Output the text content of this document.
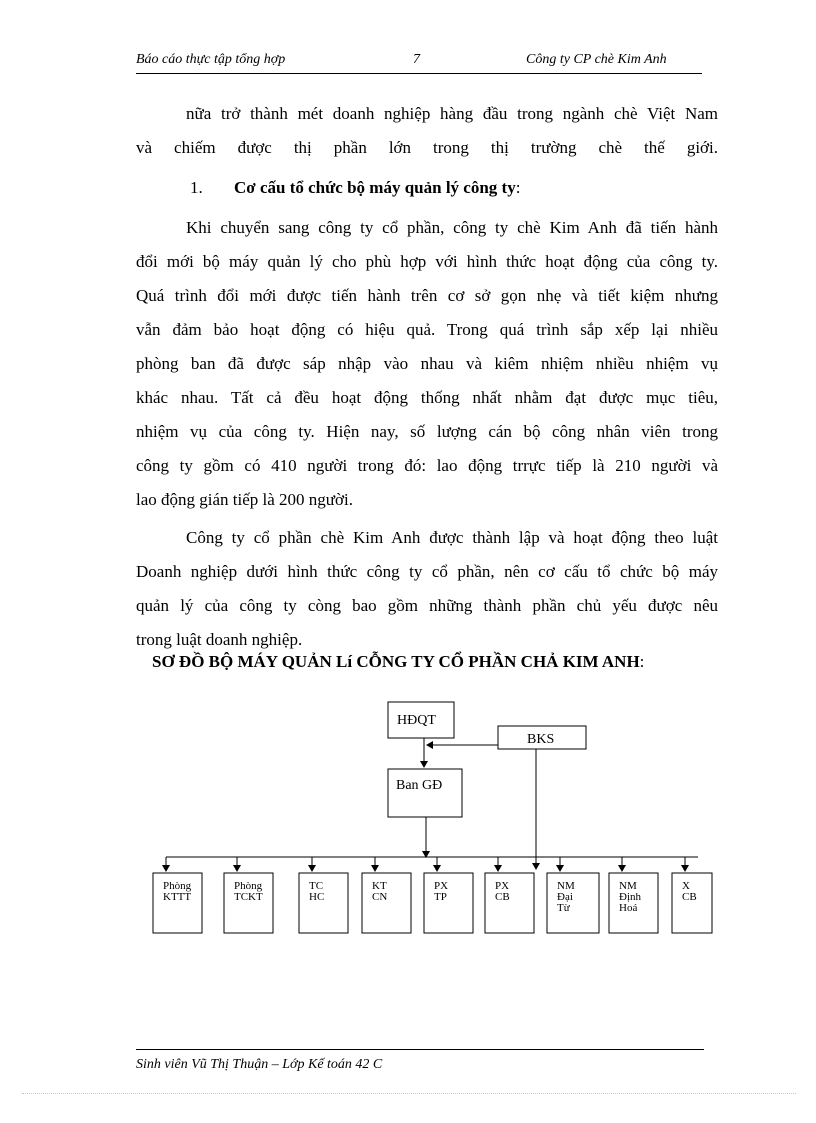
Báo cáo thực tập tổng hợp	7	Công ty CP chè Kim Anh
nữa trở thành mét doanh nghiệp hàng đầu trong ngành chè Việt Nam
và chiếm được thị phần lớn trong thị trường chè thế giới.
1. Cơ cấu tổ chức bộ máy quản lý công ty:
Khi chuyển sang công ty cổ phần, công ty chè Kim Anh đã tiến hành
đổi mới bộ máy quản lý cho phù hợp với hình thức hoạt động của công ty.
Quá trình đổi mới được tiến hành trên cơ sở gọn nhẹ và tiết kiệm nhưng
vẫn đảm bảo hoạt động có hiệu quả. Trong quá trình sắp xếp lại nhiều
phòng ban đã được sáp nhập vào nhau và kiêm nhiệm nhiều nhiệm vụ
khác nhau. Tất cả đều hoạt động thống nhất nhằm đạt được mục tiêu,
nhiệm vụ của công ty. Hiện nay, số lượng cán bộ công nhân viên trong
công ty gồm có 410 người trong đó: lao động trrực tiếp là 210 người và
lao động gián tiếp là 200 người.
Công ty cổ phần chè Kim Anh được thành lập và hoạt động theo luật
Doanh nghiệp dưới hình thức công ty cổ phần, nên cơ cấu tổ chức bộ máy
quản lý của công ty còng bao gồm những thành phần chủ yếu được nêu
trong luật doanh nghiệp.
SƠ ĐỒ BỘ MÁY QUẢN Lí CỖNG TY CỔ PHẦN CHẢ KIM ANH:
HĐQT
BKS
Ban GĐ
Phòng
KTTT
Phòng
TCKT
TC
HC
KT
CN
PX
TP
PX
CB
NM
Đại
Từ
NM
Định
Hoá
X
CB
Sinh viên Vũ Thị Thuận – Lớp Kế toán 42 C
